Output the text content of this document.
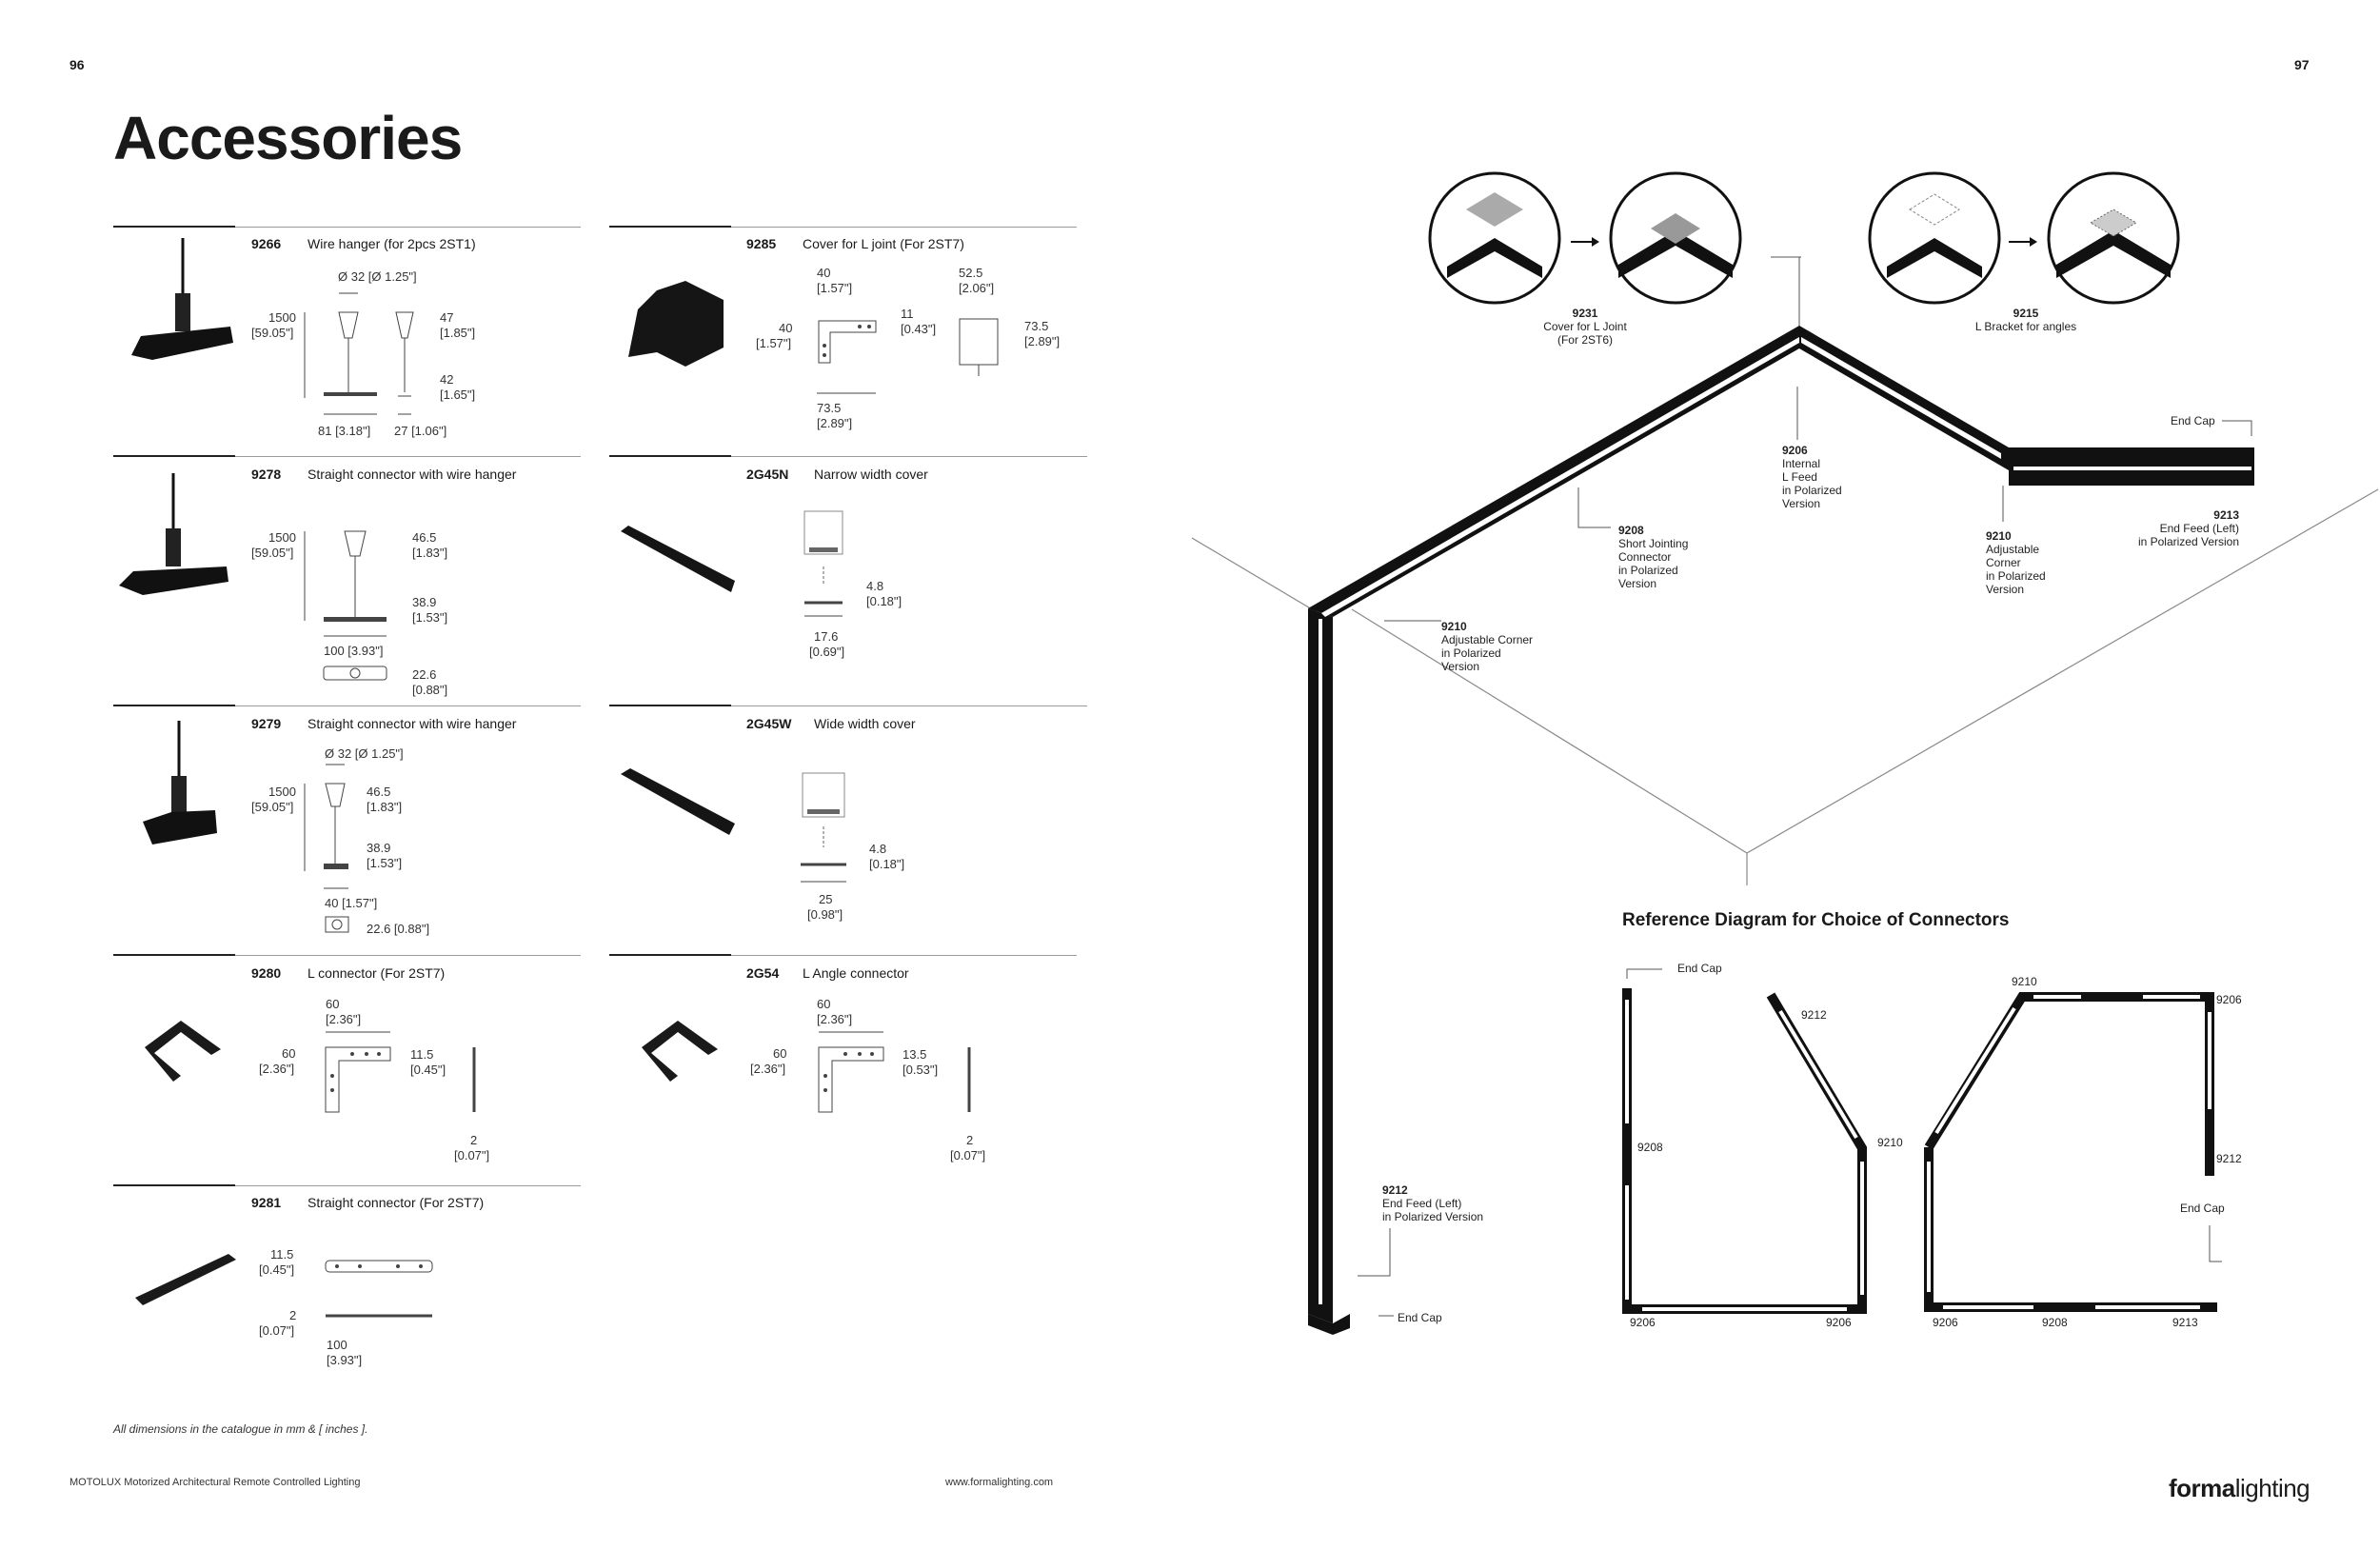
96
Accessories
9266 Wire hanger (for 2pcs 2ST1)
Ø 32 [Ø 1.25"]
1500
[59.05"]
47
[1.85"]
42
[1.65"]
81 [3.18"] 27 [1.06"]
9285 Cover for L joint (For 2ST7)
40
[1.57"]
52.5
[2.06"]
40
[1.57"]
11
[0.43"]	73.5
[2.89"]
73.5
[2.89"]
9278 Straight connector with wire hanger
1500
[59.05"]
46.5
[1.83"]
38.9
[1.53"]
100 [3.93"]
22.6
[0.88"]
2G45N Narrow width cover
4.8
[0.18"]
17.6
[0.69"]
9279 Straight connector with wire hanger
Ø 32 [Ø 1.25"]
1500
[59.05"]
46.5
[1.83"]
38.9
[1.53"]
40 [1.57"]
22.6 [0.88"]
2G45W Wide width cover
4.8
[0.18"]
25
[0.98"]
9280 L connector (For 2ST7)
60
[2.36"]
60
[2.36"]
11.5
[0.45"]
2
[0.07"]
2G54 L Angle connector
60
[2.36"]
60
[2.36"]
13.5
[0.53"]
2
[0.07"]
9281 Straight connector (For 2ST7)
11.5
[0.45"]
2
[0.07"]
100
[3.93"]
All dimensions in the catalogue in mm & [ inches ].
MOTOLUX Motorized Architectural Remote Controlled Lighting	www.formalighting.com
97
9231
Cover for L Joint
(For 2ST6)
9215
L Bracket for angles
9206
Internal
L Feed
in Polarized
Version
9208
Short Jointing
Connector
in Polarized
Version
9210
Adjustable
Corner
in Polarized
Version
9210
Adjustable Corner
in Polarized
Version
9213
End Feed (Left)
in Polarized Version
9212
End Feed (Left)
in Polarized Version
End Cap
End Cap
Reference Diagram for Choice of Connectors
End Cap
9212
9210
9208
9206	9206
9210
9206
9212
End Cap
9206	9208	9213
formalighting
